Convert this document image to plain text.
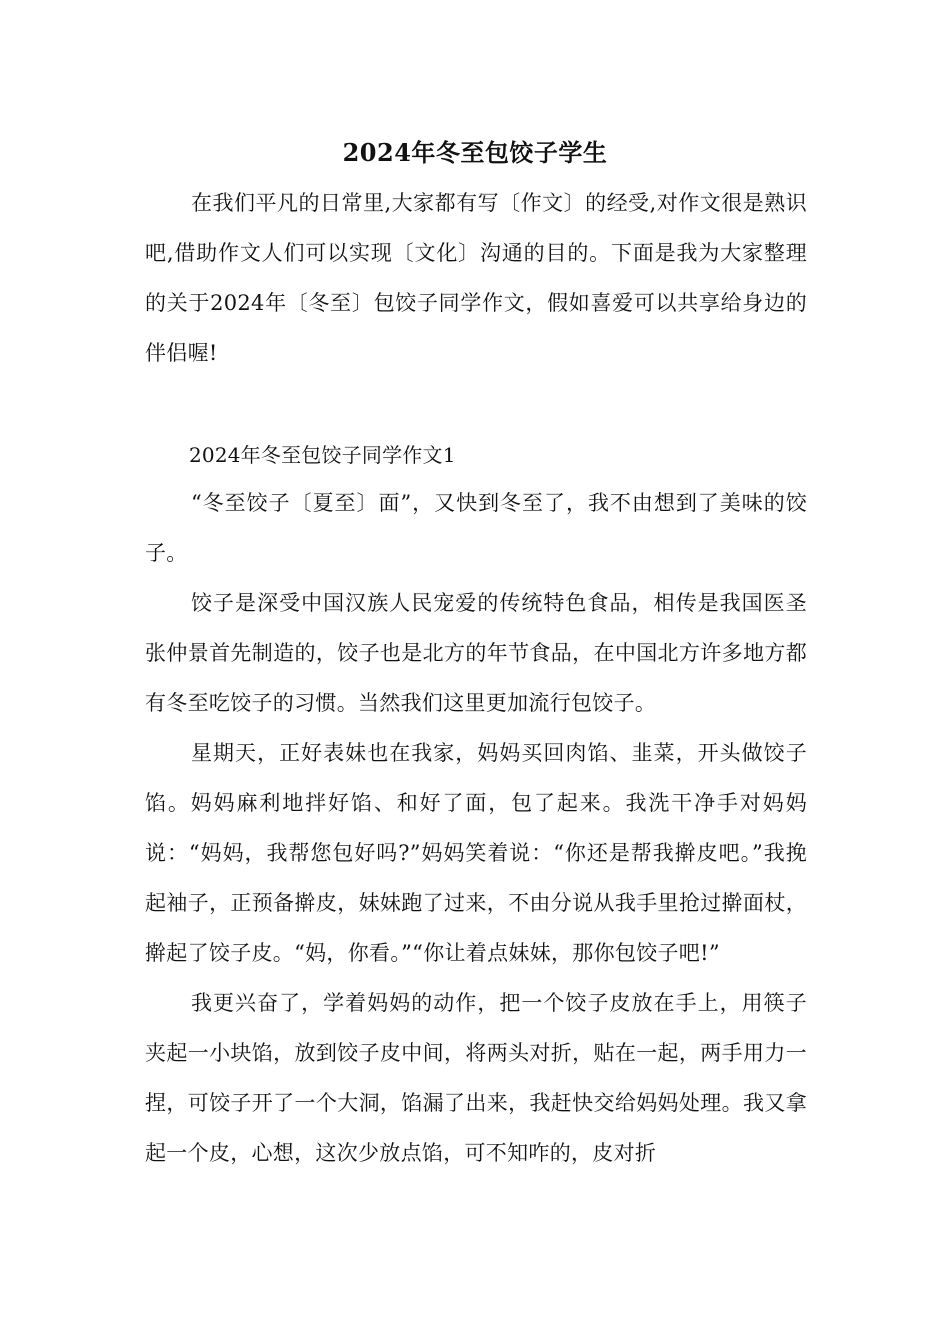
2024年冬至包饺子学生

在我们平凡的日常里,大家都有写〔作文〕的经受,对作文很是熟识吧,借助作文人们可以实现〔文化〕沟通的目的。下面是我为大家整理的关于2024年〔冬至〕包饺子同学作文，假如喜爱可以共享给身边的伴侣喔!

2024年冬至包饺子同学作文1

“冬至饺子〔夏至〕面”，又快到冬至了，我不由想到了美味的饺子。

饺子是深受中国汉族人民宠爱的传统特色食品，相传是我国医圣张仲景首先制造的，饺子也是北方的年节食品，在中国北方许多地方都有冬至吃饺子的习惯。当然我们这里更加流行包饺子。

星期天，正好表妹也在我家，妈妈买回肉馅、韭菜，开头做饺子馅。妈妈麻利地拌好馅、和好了面，包了起来。我洗干净手对妈妈说：“妈妈，我帮您包好吗?”妈妈笑着说：“你还是帮我擀皮吧。”我挽起袖子，正预备擀皮，妹妹跑了过来，不由分说从我手里抢过擀面杖，擀起了饺子皮。“妈，你看。”“你让着点妹妹，那你包饺子吧!”

我更兴奋了，学着妈妈的动作，把一个饺子皮放在手上，用筷子夹起一小块馅，放到饺子皮中间，将两头对折，贴在一起，两手用力一捏，可饺子开了一个大洞，馅漏了出来，我赶快交给妈妈处理。我又拿起一个皮，心想，这次少放点馅，可不知咋的，皮对折
